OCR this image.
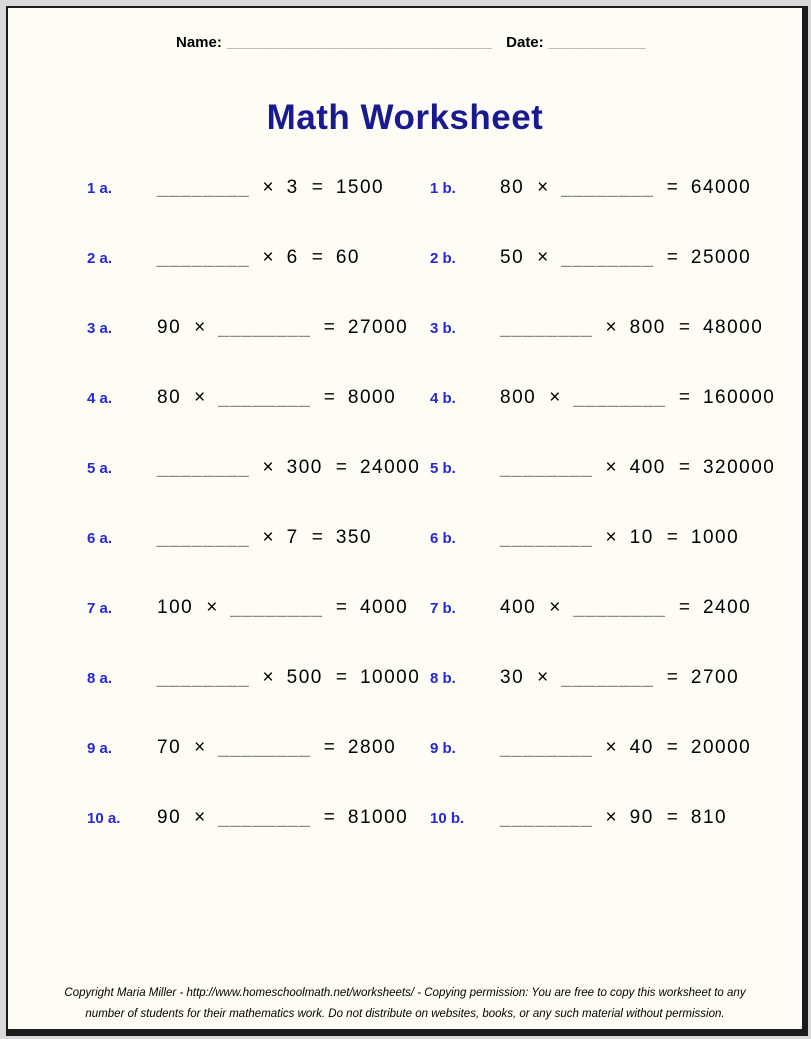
Name: ______________________________ Date: ___________
Math Worksheet
1 a.	________ × 3 = 1500	1 b.	80 × ________ = 64000
2 a.	________ × 6 = 60	2 b.	50 × ________ = 25000
3 a.	90 × ________ = 27000 3 b.	________ × 800 = 48000
4 a.	80 × ________ = 8000 4 b.	800 × ________ = 160000
5 a.	________ × 300 = 24000 5 b.	________ × 400 = 320000
6 a.	________ × 7 = 350	6 b.	________ × 10 = 1000
7 a.	100 × ________ = 4000 7 b.	400 × ________ = 2400
8 a.	________ × 500 = 10000 8 b.	30 × ________ = 2700
9 a.	70 × ________ = 2800 9 b.	________ × 40 = 20000
10 a.	90 × ________ = 81000 10 b.	________ × 90 = 810
Copyright Maria Miller - http://www.homeschoolmath.net/worksheets/ - Copying permission: You are free to copy this worksheet to any
number of students for their mathematics work. Do not distribute on websites, books, or any such material without permission.
